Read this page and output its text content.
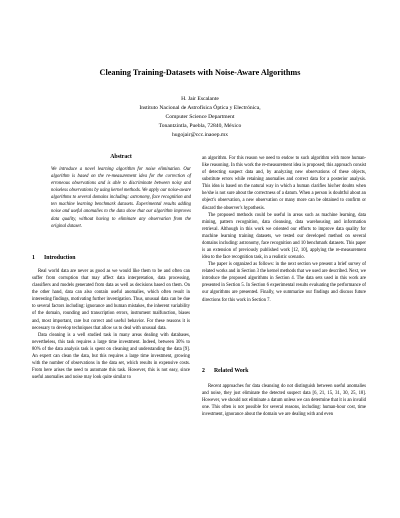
Cleaning Training-Datasets with Noise-Aware Algorithms
H. Jair Escalante
Instituto Nacional de Astrofísica Óptica y Electrónica,
Computer Science Department
Tonantzintla, Puebla, 72840, México
hugojair@ccc.inaoep.mx
Abstract
We introduce a novel learning algorithm for noise elimination. Our algorithm is based on the re-measurement idea for the correction of erroneous observations and is able to discriminate between noisy and noiseless observations by using kernel methods. We apply our noise-aware algorithms to several domains including: astronomy, face recognition and ten machine learning benchmark datasets. Experimental results adding noise and useful anomalies to the data show that our algorithm improves data quality, without having to eliminate any observation from the original dataset.
1 Introduction

Real world data are never as good as we would like them to be and often can suffer from corruption that may affect data interpretation, data processing, classifiers and models generated from data as well as decisions based on them. On the other hand, data can also contain useful anomalies, which often result in interesting findings, motivating further investigation. Thus, unusual data can be due to several factors including: ignorance and human mistakes, the inherent variability of the domain, rounding and transcription errors, instrument malfunction, biases and, most important, rare but correct and useful behavior. For these reasons it is necessary to develop techniques that allow us to deal with unusual data.

Data cleaning is a well studied task in many areas dealing with databases, nevertheless, this task requires a large time investment. Indeed, between 30% to 80% of the data analysis task is spent on cleaning and understanding the data [9]. An expert can clean the data, but this requires a large time investment, growing with the number of observations in the data set, which results in expensive costs. From here arises the need to automate this task. However, this is not easy, since useful anomalies and noise may look quite similar to

an algorithm. For this reason we need to endow to such algorithm with more human-like reasoning. In this work the re-measurement idea is proposed; this approach consist of detecting suspect data and, by analyzing new observations of these objects, substitute errors while retaining anomalies and correct data for a posterior analysis. This idea is based on the natural way in which a human clarifies his/her doubts when he/she is not sure about the correctness of a datum. When a person is doubtful about an object's observation, a new observation or many more can be obtained to confirm or discard the observer's hypothesis.

The proposed methods could be useful in areas such as machine learning, data mining, pattern recognition, data cleansing, data warehousing and information retrieval. Although in this work we oriented our efforts to improve data quality for machine learning training datasets, we tested our developed method on several domains including: astronomy, face recognition and 10 benchmark datasets. This paper is an extension of previously published work [12, 10], applying the re-measurement idea to the face recognition task, in a realistic scenario.

The paper is organized as follows: in the next section we present a brief survey of related works and in Section 3 the kernel methods that we used are described. Next, we introduce the proposed algorithms in Section 4. The data sets used in this work are presented in Section 5. In Section 6 experimental results evaluating the performance of our algorithms are presented. Finally, we summarize our findings and discuss future directions for this work in Section 7.

2 Related Work

Recent approaches for data cleansing do not distinguish between useful anomalies and noise, they just eliminate the detected suspect data [6, 21, 15, 31, 30, 25, 18]. However, we should not eliminate a datum unless we can determine that it is an invalid one. This often is not possible for several reasons, including: human-hour cost, time investment, ignorance about the domain we are dealing with and even
